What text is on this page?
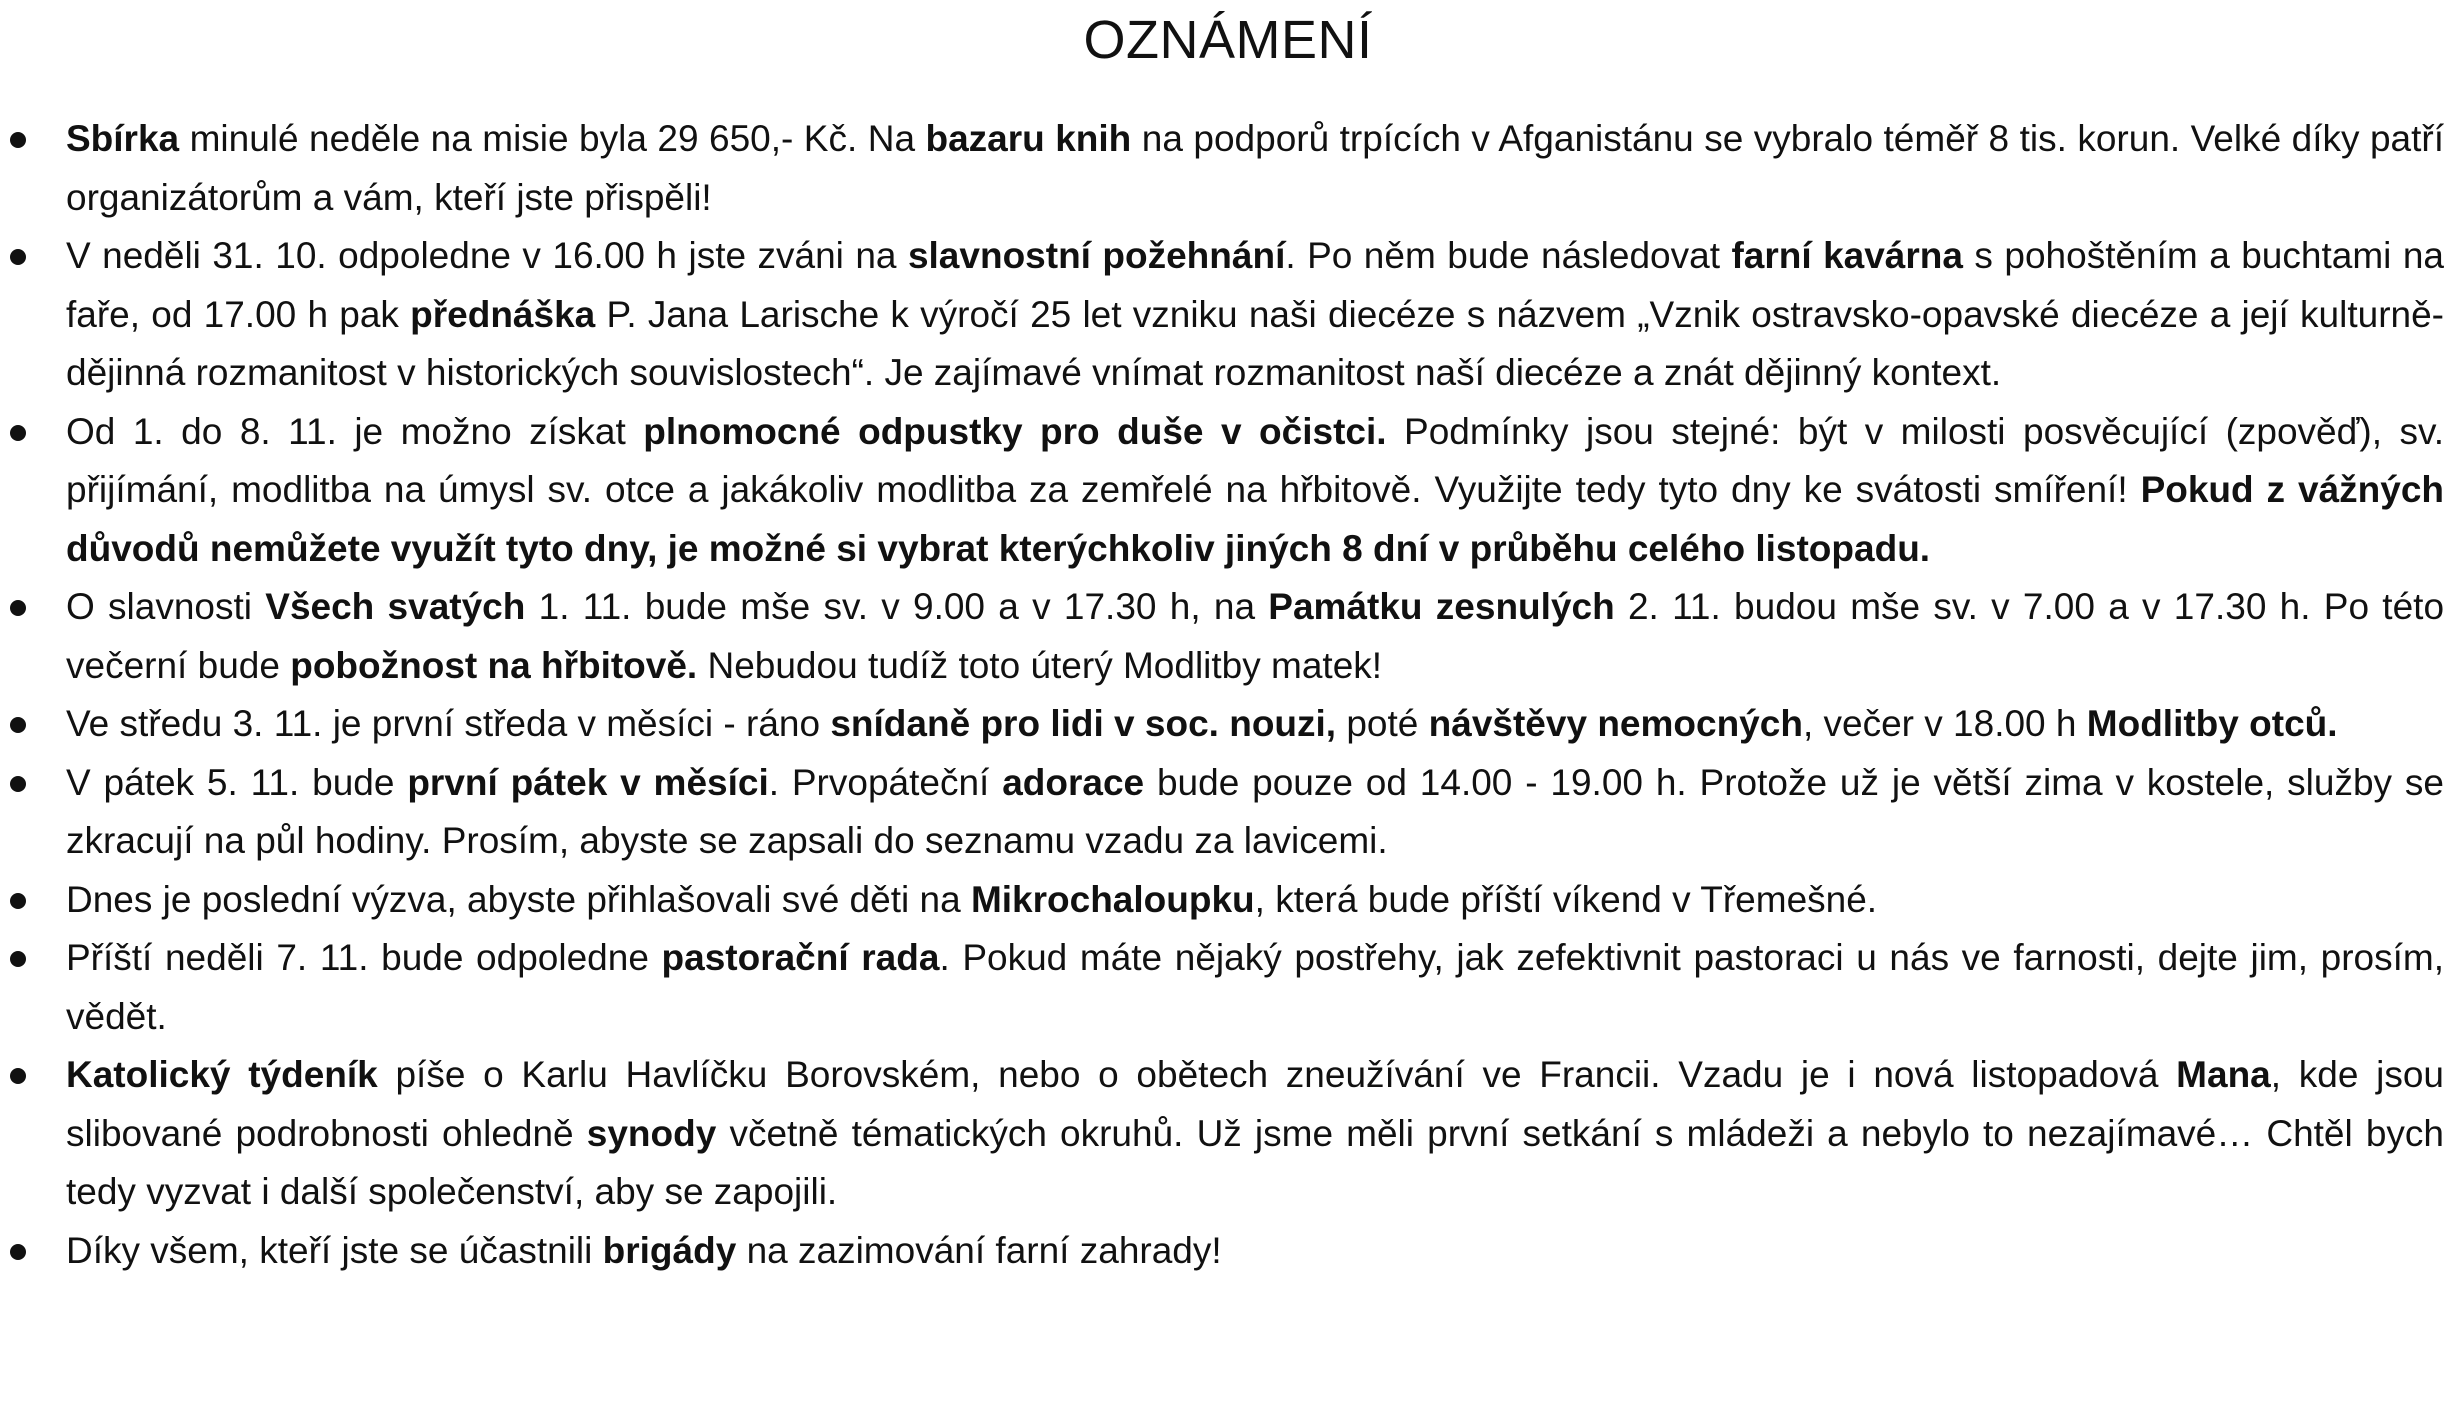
OZNÁMENÍ
Sbírka minulé neděle na misie byla 29 650,- Kč. Na bazaru knih na podporů trpících v Afganistánu se vybralo téměř 8 tis. korun. Velké díky patří organizátorům a vám, kteří jste přispěli!
V neděli 31. 10. odpoledne v 16.00 h jste zváni na slavnostní požehnání. Po něm bude následovat farní kavárna s pohoštěním a buchtami na faře, od 17.00 h pak přednáška P. Jana Larische k výročí 25 let vzniku naši diecéze s názvem „Vznik ostravsko-opavské diecéze a její kulturně-dějinná rozmanitost v historických souvislostech“. Je zajímavé vnímat rozmanitost naší diecéze a znát dějinný kontext.
Od 1. do 8. 11. je možno získat plnomocné odpustky pro duše v očistci. Podmínky jsou stejné: být v milosti posvěcující (zpověď), sv. přijímání, modlitba na úmysl sv. otce a jakákoliv modlitba za zemřelé na hřbitově. Využijte tedy tyto dny ke svátosti smíření! Pokud z vážných důvodů nemůžete využít tyto dny, je možné si vybrat kterýchkoliv jiných 8 dní v průběhu celého listopadu.
O slavnosti Všech svatých 1. 11. bude mše sv. v 9.00 a v 17.30 h, na Památku zesnulých 2. 11. budou mše sv. v 7.00 a v 17.30 h. Po této večerní bude pobožnost na hřbitově. Nebudou tudíž toto úterý Modlitby matek!
Ve středu 3. 11. je první středa v měsíci - ráno snídaně pro lidi v soc. nouzi, poté návštěvy nemocných, večer v 18.00 h Modlitby otců.
V pátek 5. 11. bude první pátek v měsíci. Prvopáteční adorace bude pouze od 14.00 - 19.00 h. Protože už je větší zima v kostele, služby se zkracují na půl hodiny. Prosím, abyste se zapsali do seznamu vzadu za lavicemi.
Dnes je poslední výzva, abyste přihlašovali své děti na Mikrochaloupku, která bude příští víkend v Třemešné.
Příští neděli 7. 11. bude odpoledne pastorační rada. Pokud máte nějaký postřehy, jak zefektivnit pastoraci u nás ve farnosti, dejte jim, prosím, vědět.
Katolický týdeník píše o Karlu Havlíčku Borovském, nebo o obětech zneužívání ve Francii. Vzadu je i nová listopadová Mana, kde jsou slibované podrobnosti ohledně synody včetně tématických okruhů. Už jsme měli první setkání s mládeži a nebylo to nezajímavé… Chtěl bych tedy vyzvat i další společenství, aby se zapojili.
Díky všem, kteří jste se účastnili brigády na zazimování farní zahrady!
